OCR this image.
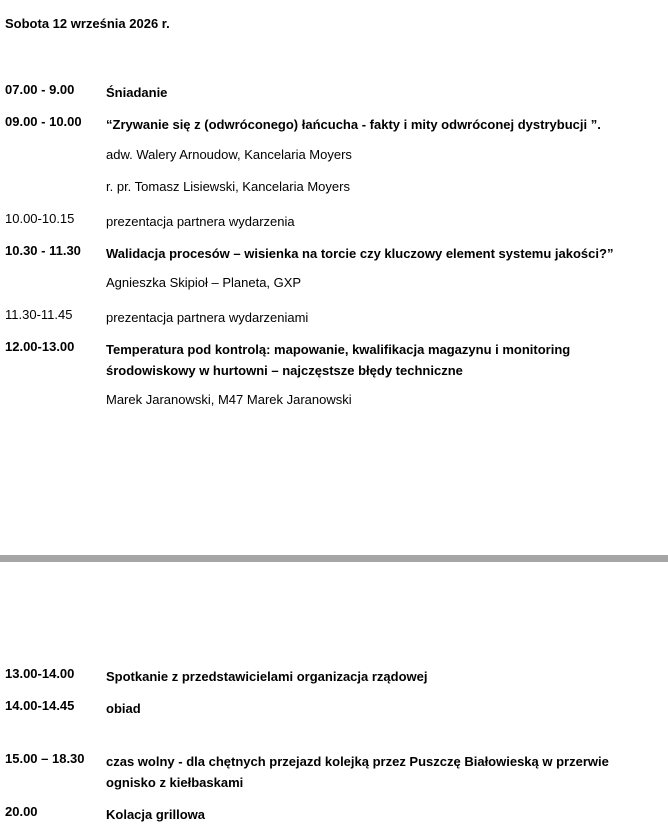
Sobota 12 września 2026 r.
07.00 - 9.00	Śniadanie
09.00 - 10.00	“Zrywanie się z (odwróconego) łańcucha - fakty i mity odwróconej dystrybucji ”.
adw. Walery Arnoudow, Kancelaria Moyers
r. pr. Tomasz Lisiewski, Kancelaria Moyers
10.00-10.15	prezentacja partnera wydarzenia
10.30 - 11.30	Walidacja procesów – wisienka na torcie czy kluczowy element systemu jakości?”
Agnieszka Skipioł – Planeta, GXP
11.30-11.45	prezentacja partnera wydarzeniami
12.00-13.00	Temperatura pod kontrolą: mapowanie, kwalifikacja magazynu i monitoring środowiskowy w hurtowni – najczęstsze błędy techniczne
Marek Jaranowski, M47 Marek Jaranowski
13.00-14.00	Spotkanie z przedstawicielami organizacja rządowej
14.00-14.45	obiad
15.00 – 18.30	czas wolny - dla chętnych przejazd kolejką przez Puszczę Białowieską w przerwie ognisko z kiełbaskami
20.00	Kolacja grillowa
